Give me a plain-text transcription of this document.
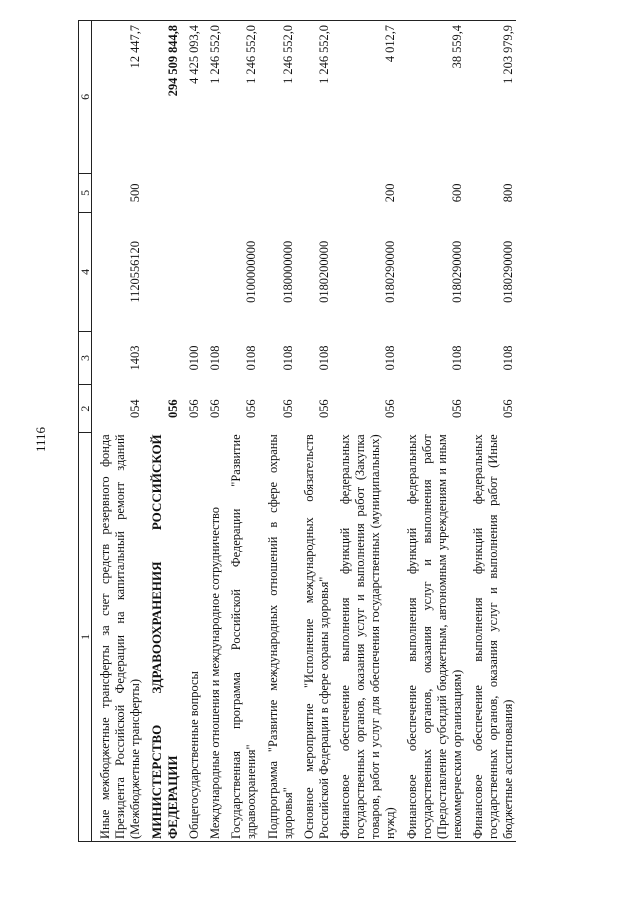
1116
1	2	3	4	5	6
Иные межбюджетные трансферты за счет средств резервного фонда Президента Российской Федерации на капитальный ремонт зданий (Межбюджетные трансферты)	054	1403	1120556120	500	12 447,7
МИНИСТЕРСТВО ЗДРАВООХРАНЕНИЯ РОССИЙСКОЙ ФЕДЕРАЦИИ	056				294 509 844,8
Общегосударственные вопросы	056	0100			4 425 093,4
Международные отношения и международное сотрудничество	056	0108			1 246 552,0
Государственная программа Российской Федерации "Развитие здравоохранения"	056	0108	0100000000		1 246 552,0
Подпрограмма "Развитие международных отношений в сфере охраны здоровья"	056	0108	0180000000		1 246 552,0
Основное мероприятие "Исполнение международных обязательств Российской Федерации в сфере охраны здоровья"	056	0108	0180200000		1 246 552,0
Финансовое обеспечение выполнения функций федеральных государственных органов, оказания услуг и выполнения работ (Закупка товаров, работ и услуг для обеспечения государственных (муниципальных) нужд)	056	0108	0180290000	200	4 012,7
Финансовое обеспечение выполнения функций федеральных государственных органов, оказания услуг и выполнения работ (Предоставление субсидий бюджетным, автономным учреждениям и иным некоммерческим организациям)	056	0108	0180290000	600	38 559,4
Финансовое обеспечение выполнения функций федеральных государственных органов, оказания услуг и выполнения работ (Иные бюджетные ассигнования)	056	0108	0180290000	800	1 203 979,9
